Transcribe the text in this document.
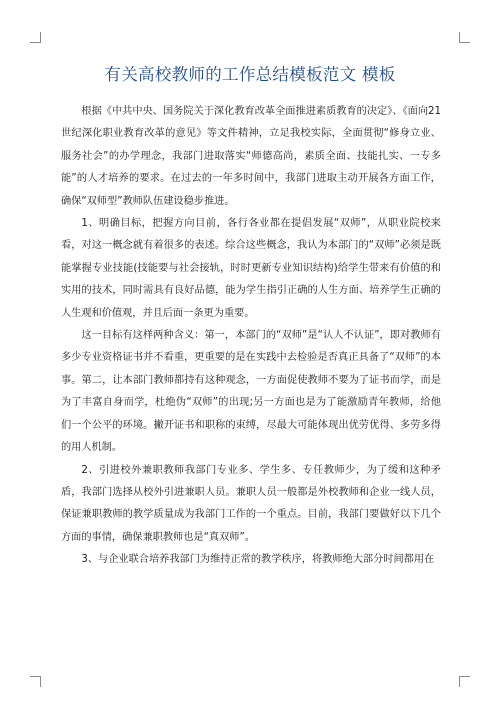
有关高校教师的工作总结模板范文 模板

根据《中共中央、国务院关于深化教育改革全面推进素质教育的决定》、《面向21世纪深化职业教育改革的意见》等文件精神，立足我校实际，全面贯彻“修身立业、服务社会”的办学理念，我部门进取落实“师德高尚，素质全面、技能扎实、一专多能”的人才培养的要求。在过去的一年多时间中，我部门进取主动开展各方面工作，确保“双师型”教师队伍建设稳步推进。

1、明确目标，把握方向目前，各行各业都在提倡发展“双师”，从职业院校来看，对这一概念就有着很多的表述。综合这些概念，我认为本部门的“双师”必须是既能掌握专业技能(技能要与社会接轨，时时更新专业知识结构)给学生带来有价值的和实用的技术，同时需具有良好品德，能为学生指引正确的人生方面、培养学生正确的人生观和价值观，并且后面一条更为重要。

这一目标有这样两种含义：第一，本部门的“双师”是“认人不认证”，即对教师有多少专业资格证书并不看重，更重要的是在实践中去检验是否真正具备了“双师”的本事。第二，让本部门教师都持有这种观念，一方面促使教师不要为了证书而学，而是为了丰富自身而学，杜绝伪“双师”的出现;另一方面也是为了能激励青年教师，给他们一个公平的环境。撇开证书和职称的束缚，尽最大可能体现出优劳优得、多劳多得的用人机制。

2、引进校外兼职教师我部门专业多、学生多、专任教师少，为了缓和这种矛盾，我部门选择从校外引进兼职人员。兼职人员一般都是外校教师和企业一线人员，保证兼职教师的教学质量成为我部门工作的一个重点。目前，我部门要做好以下几个方面的事情，确保兼职教师也是“真双师”。

3、与企业联合培养我部门为维持正常的教学秩序，将教师绝大部分时间都用在
